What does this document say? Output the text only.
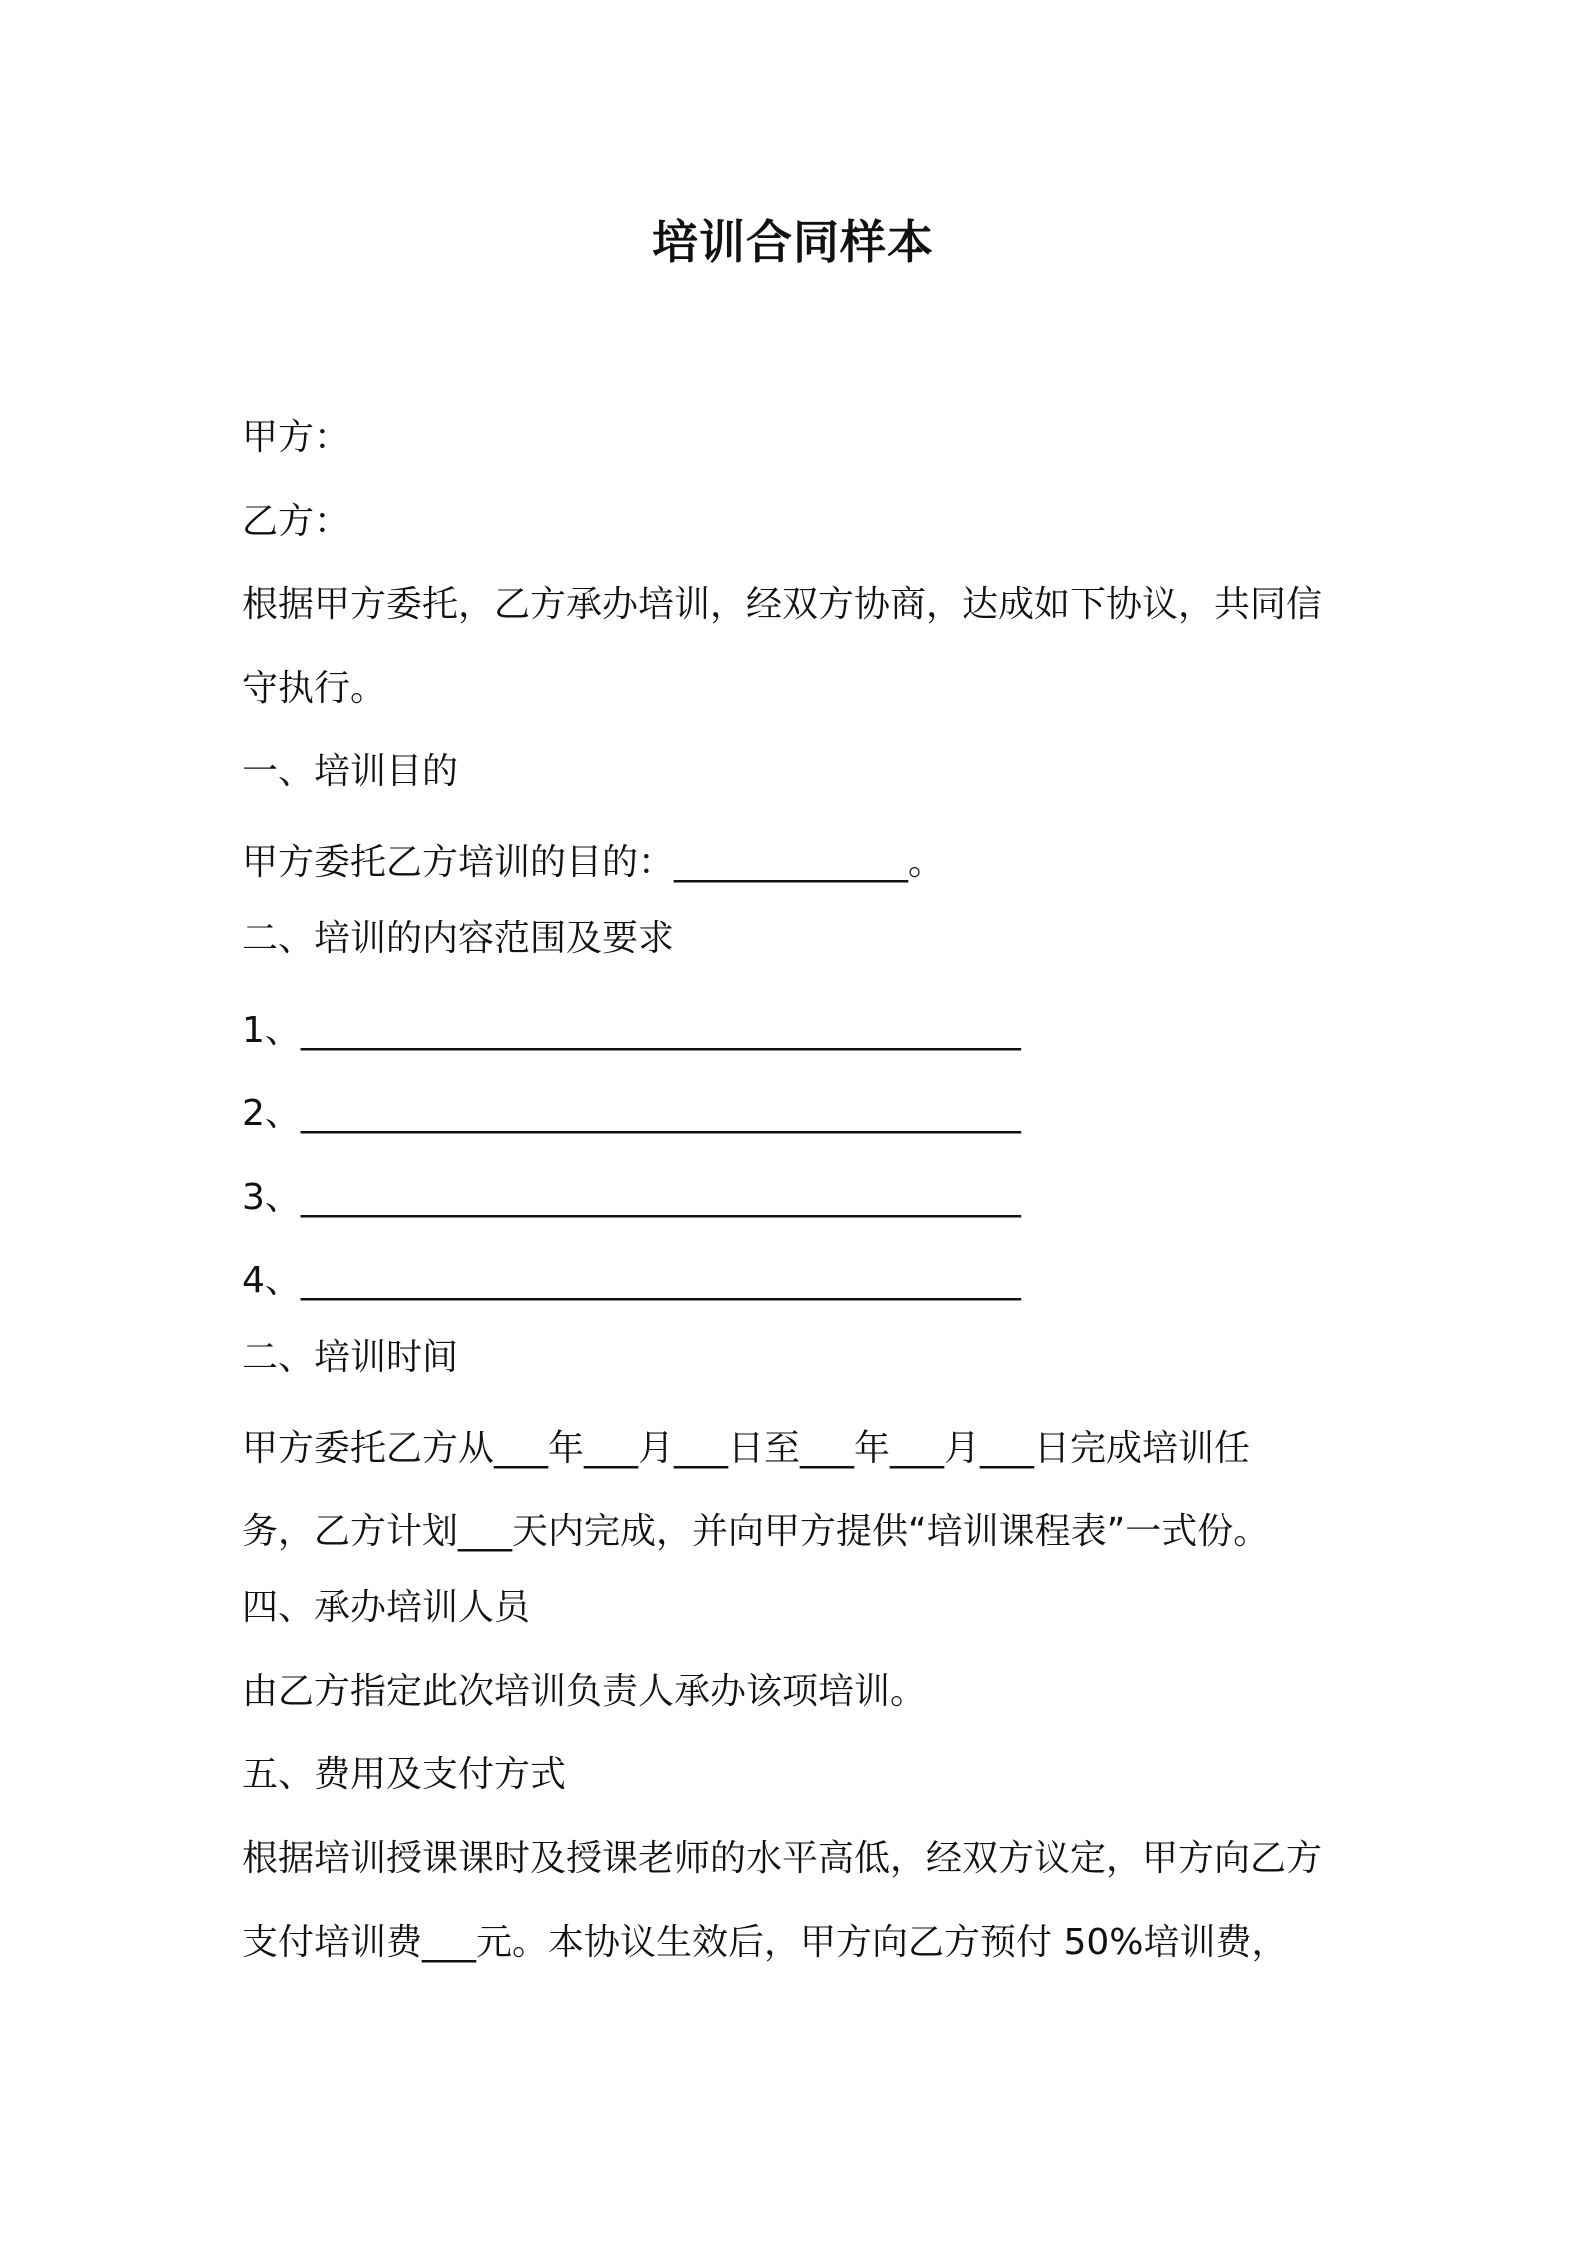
培训合同样本
甲方：
乙方：
根据甲方委托，乙方承办培训，经双方协商，达成如下协议，共同信
守执行。
一、培训目的
甲方委托乙方培训的目的：_____________。
二、培训的内容范围及要求
1、________________________________________
2、________________________________________
3、________________________________________
4、________________________________________
二、培训时间
甲方委托乙方从___年___月___日至___年___月___日完成培训任
务，乙方计划___天内完成，并向甲方提供“培训课程表”一式份。
四、承办培训人员
由乙方指定此次培训负责人承办该项培训。
五、费用及支付方式
根据培训授课课时及授课老师的水平高低，经双方议定，甲方向乙方
支付培训费___元。本协议生效后，甲方向乙方预付 50%培训费，
